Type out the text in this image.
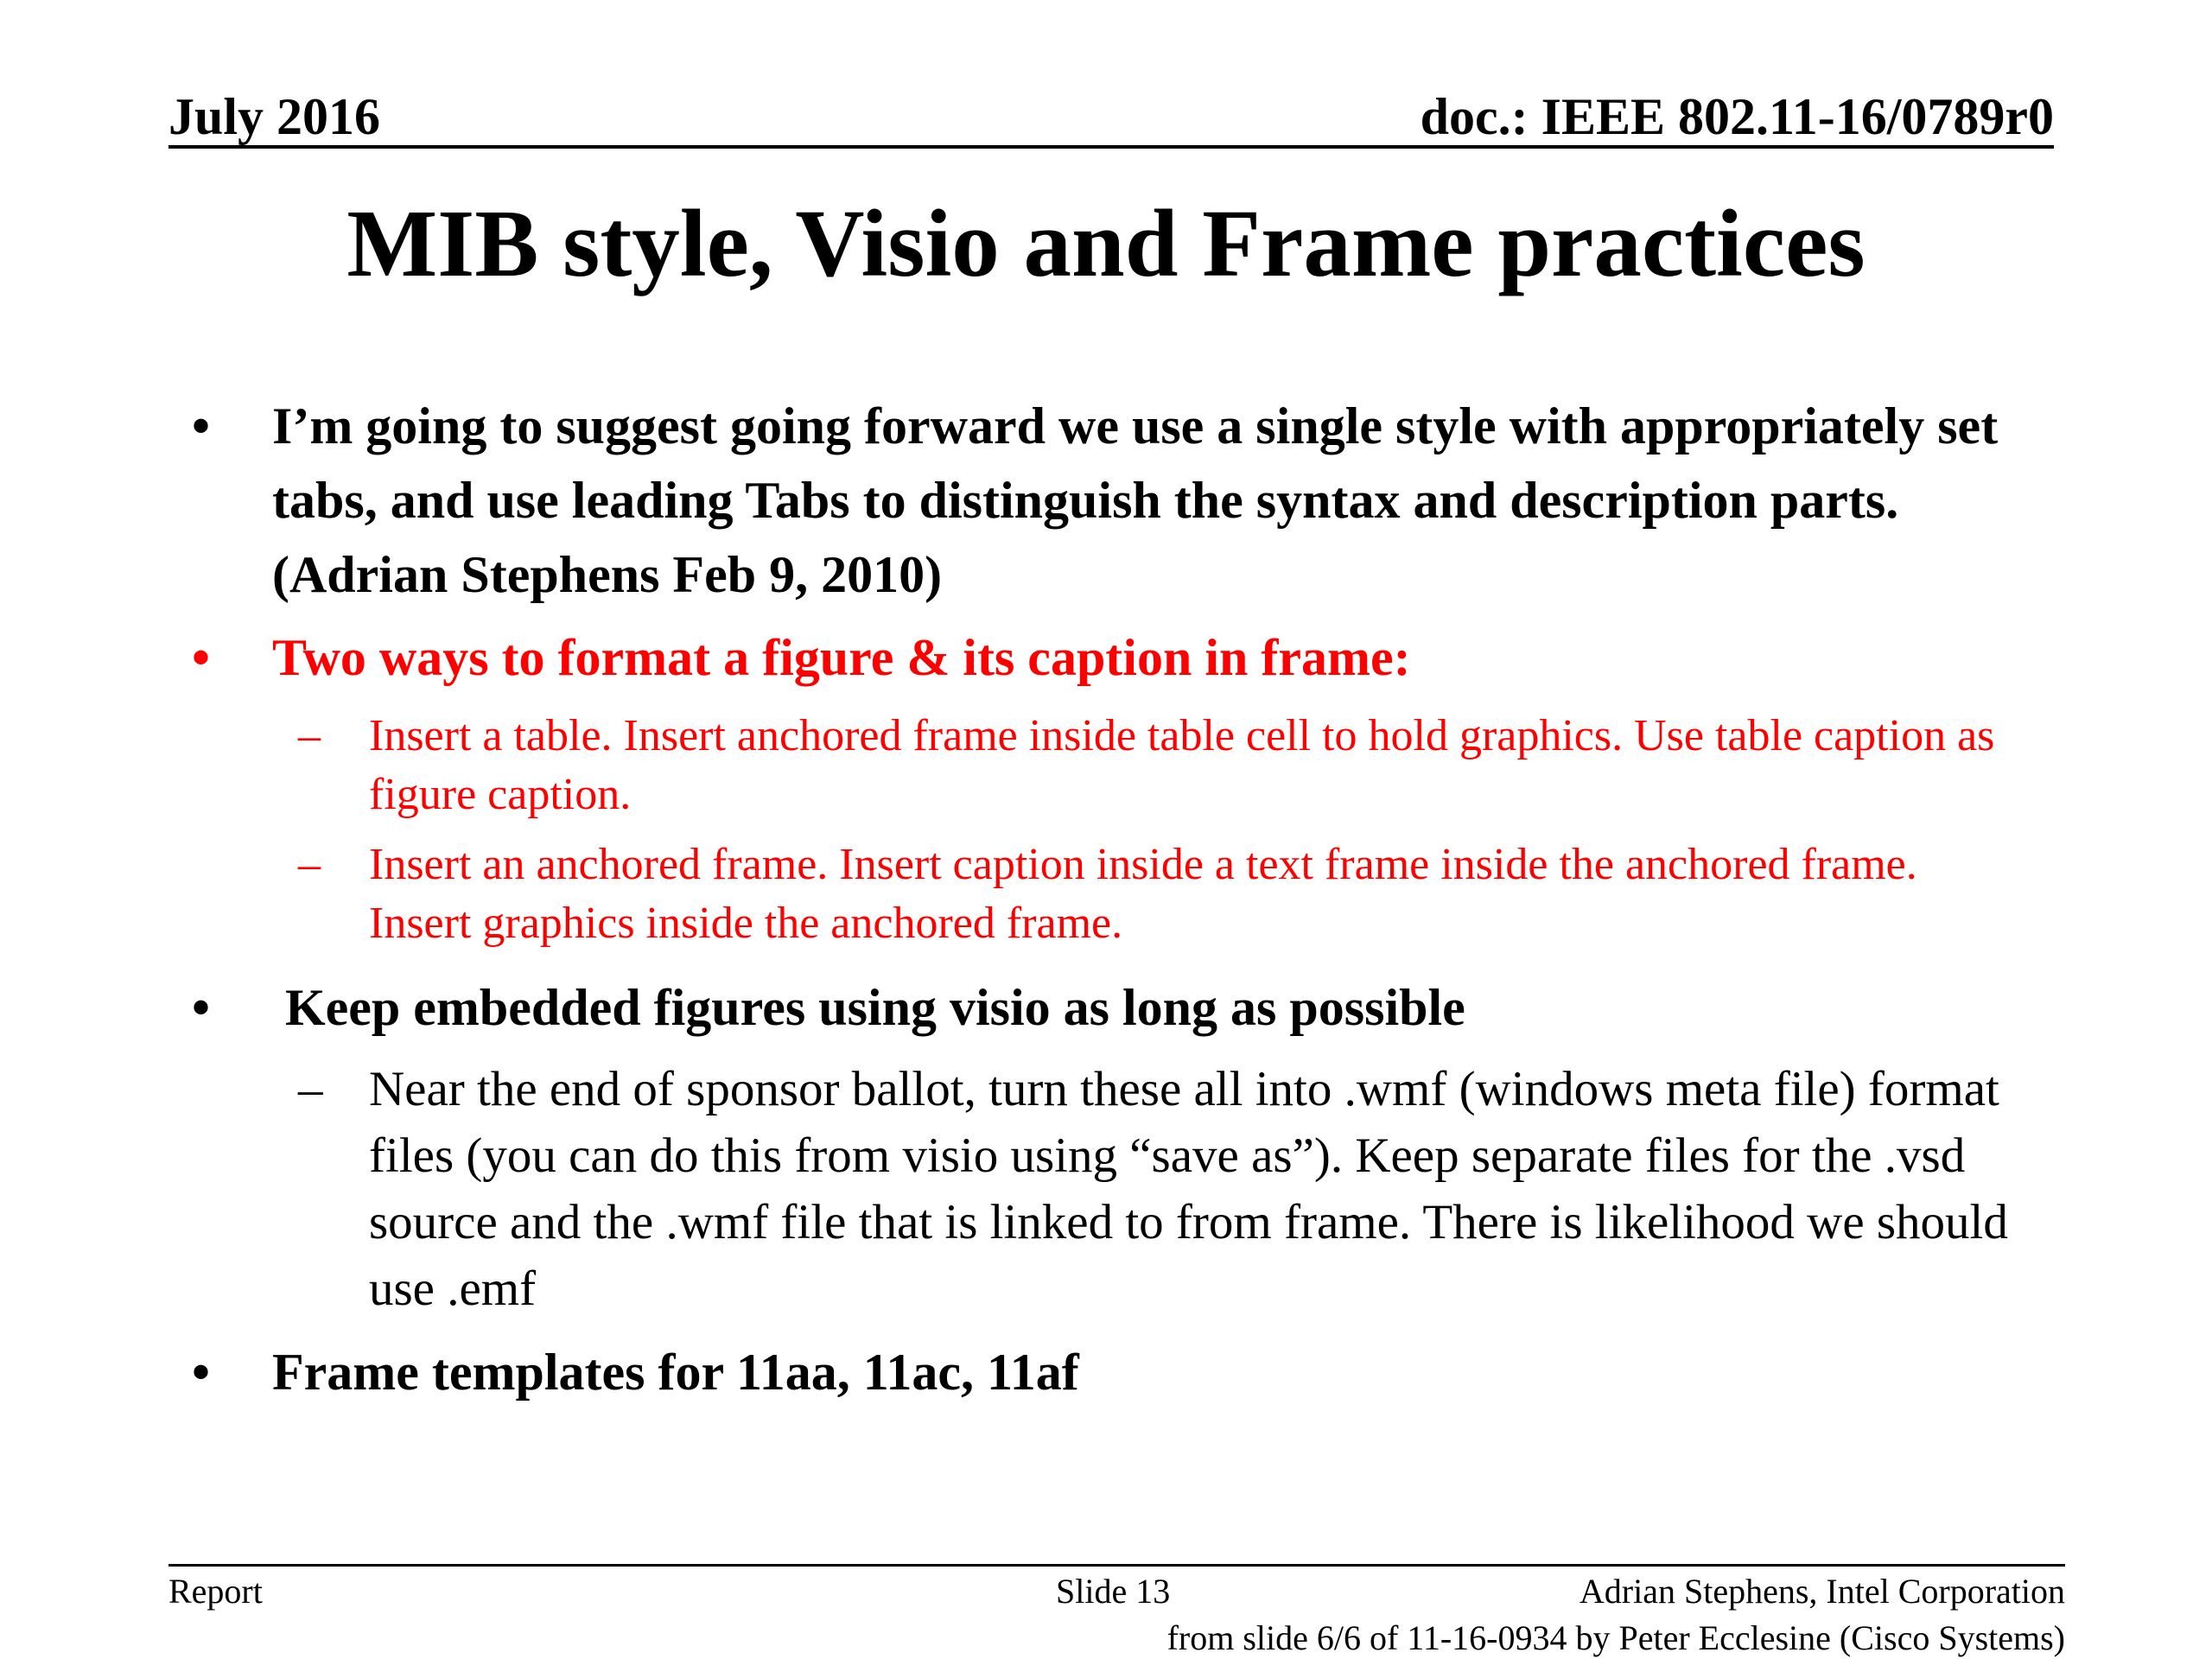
July 2016	doc.: IEEE 802.11-16/0789r0
MIB style, Visio and Frame practices
•	I’m going to suggest going forward we use a single style with appropriately set tabs, and use leading Tabs to distinguish the syntax and description parts. (Adrian Stephens Feb 9, 2010)
•	Two ways to format a figure & its caption in frame:
– Insert a table. Insert anchored frame inside table cell to hold graphics. Use table caption as figure caption.
– Insert an anchored frame. Insert caption inside a text frame inside the anchored frame. Insert graphics inside the anchored frame.
•	Keep embedded figures using visio as long as possible
– Near the end of sponsor ballot, turn these all into .wmf (windows meta file) format files (you can do this from visio using “save as”). Keep separate files for the .vsd source and the .wmf file that is linked to from frame. There is likelihood we should use .emf
•	Frame templates for 11aa, 11ac, 11af
Report	Slide 13	Adrian Stephens, Intel Corporation
from slide 6/6 of 11-16-0934 by Peter Ecclesine (Cisco Systems)
